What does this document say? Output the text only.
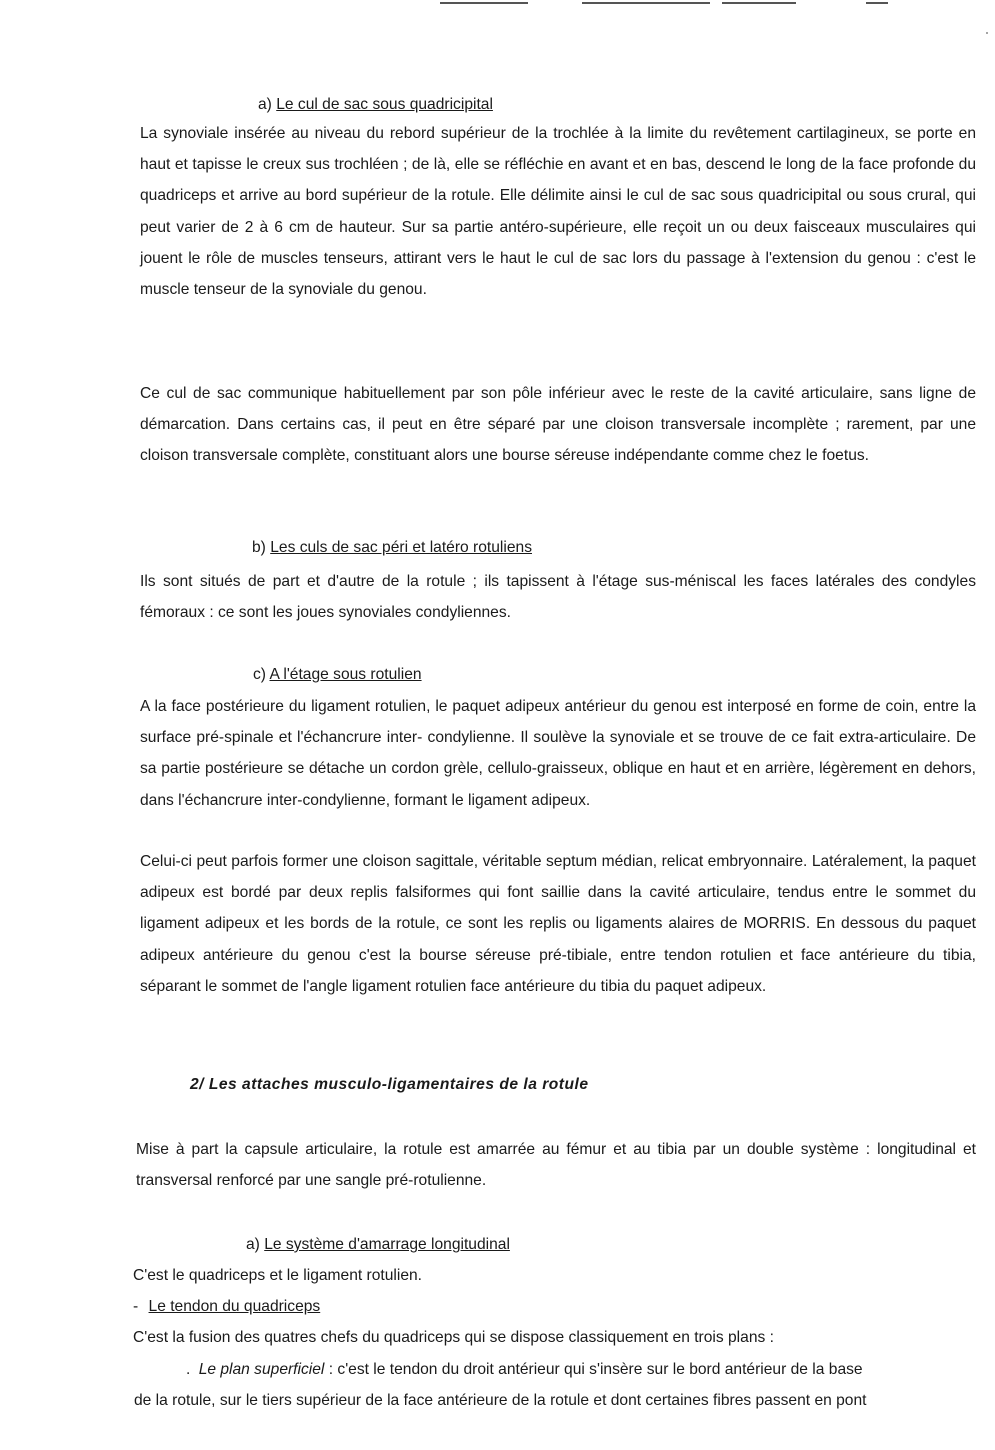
a) Le cul de sac sous quadricipital
La synoviale insérée au niveau du rebord supérieur de la trochlée à la limite du revêtement cartilagineux, se porte en haut et tapisse le creux sus trochléen ; de là, elle se réfléchie en avant et en bas, descend le long de la face profonde du quadriceps et arrive au bord supérieur de la rotule. Elle délimite ainsi le cul de sac sous quadricipital ou sous crural, qui peut varier de 2 à 6 cm de hauteur. Sur sa partie antéro-supérieure, elle reçoit un ou deux faisceaux musculaires qui jouent le rôle de muscles tenseurs, attirant vers le haut le cul de sac lors du passage à l'extension du genou : c'est le muscle tenseur de la synoviale du genou.
Ce cul de sac communique habituellement par son pôle inférieur avec le reste de la cavité articulaire, sans ligne de démarcation. Dans certains cas, il peut en être séparé par une cloison transversale incomplète ; rarement, par une cloison transversale complète, constituant alors une bourse séreuse indépendante comme chez le foetus.
b) Les culs de sac péri et latéro rotuliens
Ils sont situés de part et d'autre de la rotule ; ils tapissent à l'étage sus-méniscal les faces latérales des condyles fémoraux : ce sont les joues synoviales condyliennes.
c) A l'étage sous rotulien
A la face postérieure du ligament rotulien, le paquet adipeux antérieur du genou est interposé en forme de coin, entre la surface pré-spinale et l'échancrure inter- condylienne. Il soulève la synoviale et se trouve de ce fait extra-articulaire. De sa partie postérieure se détache un cordon grèle, cellulo-graisseux, oblique en haut et en arrière, légèrement en dehors, dans l'échancrure inter-condylienne, formant le ligament adipeux.
Celui-ci peut parfois former une cloison sagittale, véritable septum médian, relicat embryonnaire. Latéralement, la paquet adipeux est bordé par deux replis falsiformes qui font saillie dans la cavité articulaire, tendus entre le sommet du ligament adipeux et les bords de la rotule, ce sont les replis ou ligaments alaires de MORRIS. En dessous du paquet adipeux antérieure du genou c'est la bourse séreuse pré-tibiale, entre tendon rotulien et face antérieure du tibia, séparant le sommet de l'angle ligament rotulien face antérieure du tibia du paquet adipeux.
2/ Les attaches musculo-ligamentaires de la rotule
Mise à part la capsule articulaire, la rotule est amarrée au fémur et au tibia par un double système : longitudinal et transversal renforcé par une sangle pré-rotulienne.
a) Le système d'amarrage longitudinal
C'est le quadriceps et le ligament rotulien.
- Le tendon du quadriceps
C'est la fusion des quatres chefs du quadriceps qui se dispose classiquement en trois plans :
. Le plan superficiel : c'est le tendon du droit antérieur qui s'insère sur le bord antérieur de la base
de la rotule, sur le tiers supérieur de la face antérieure de la rotule et dont certaines fibres passent en pont
